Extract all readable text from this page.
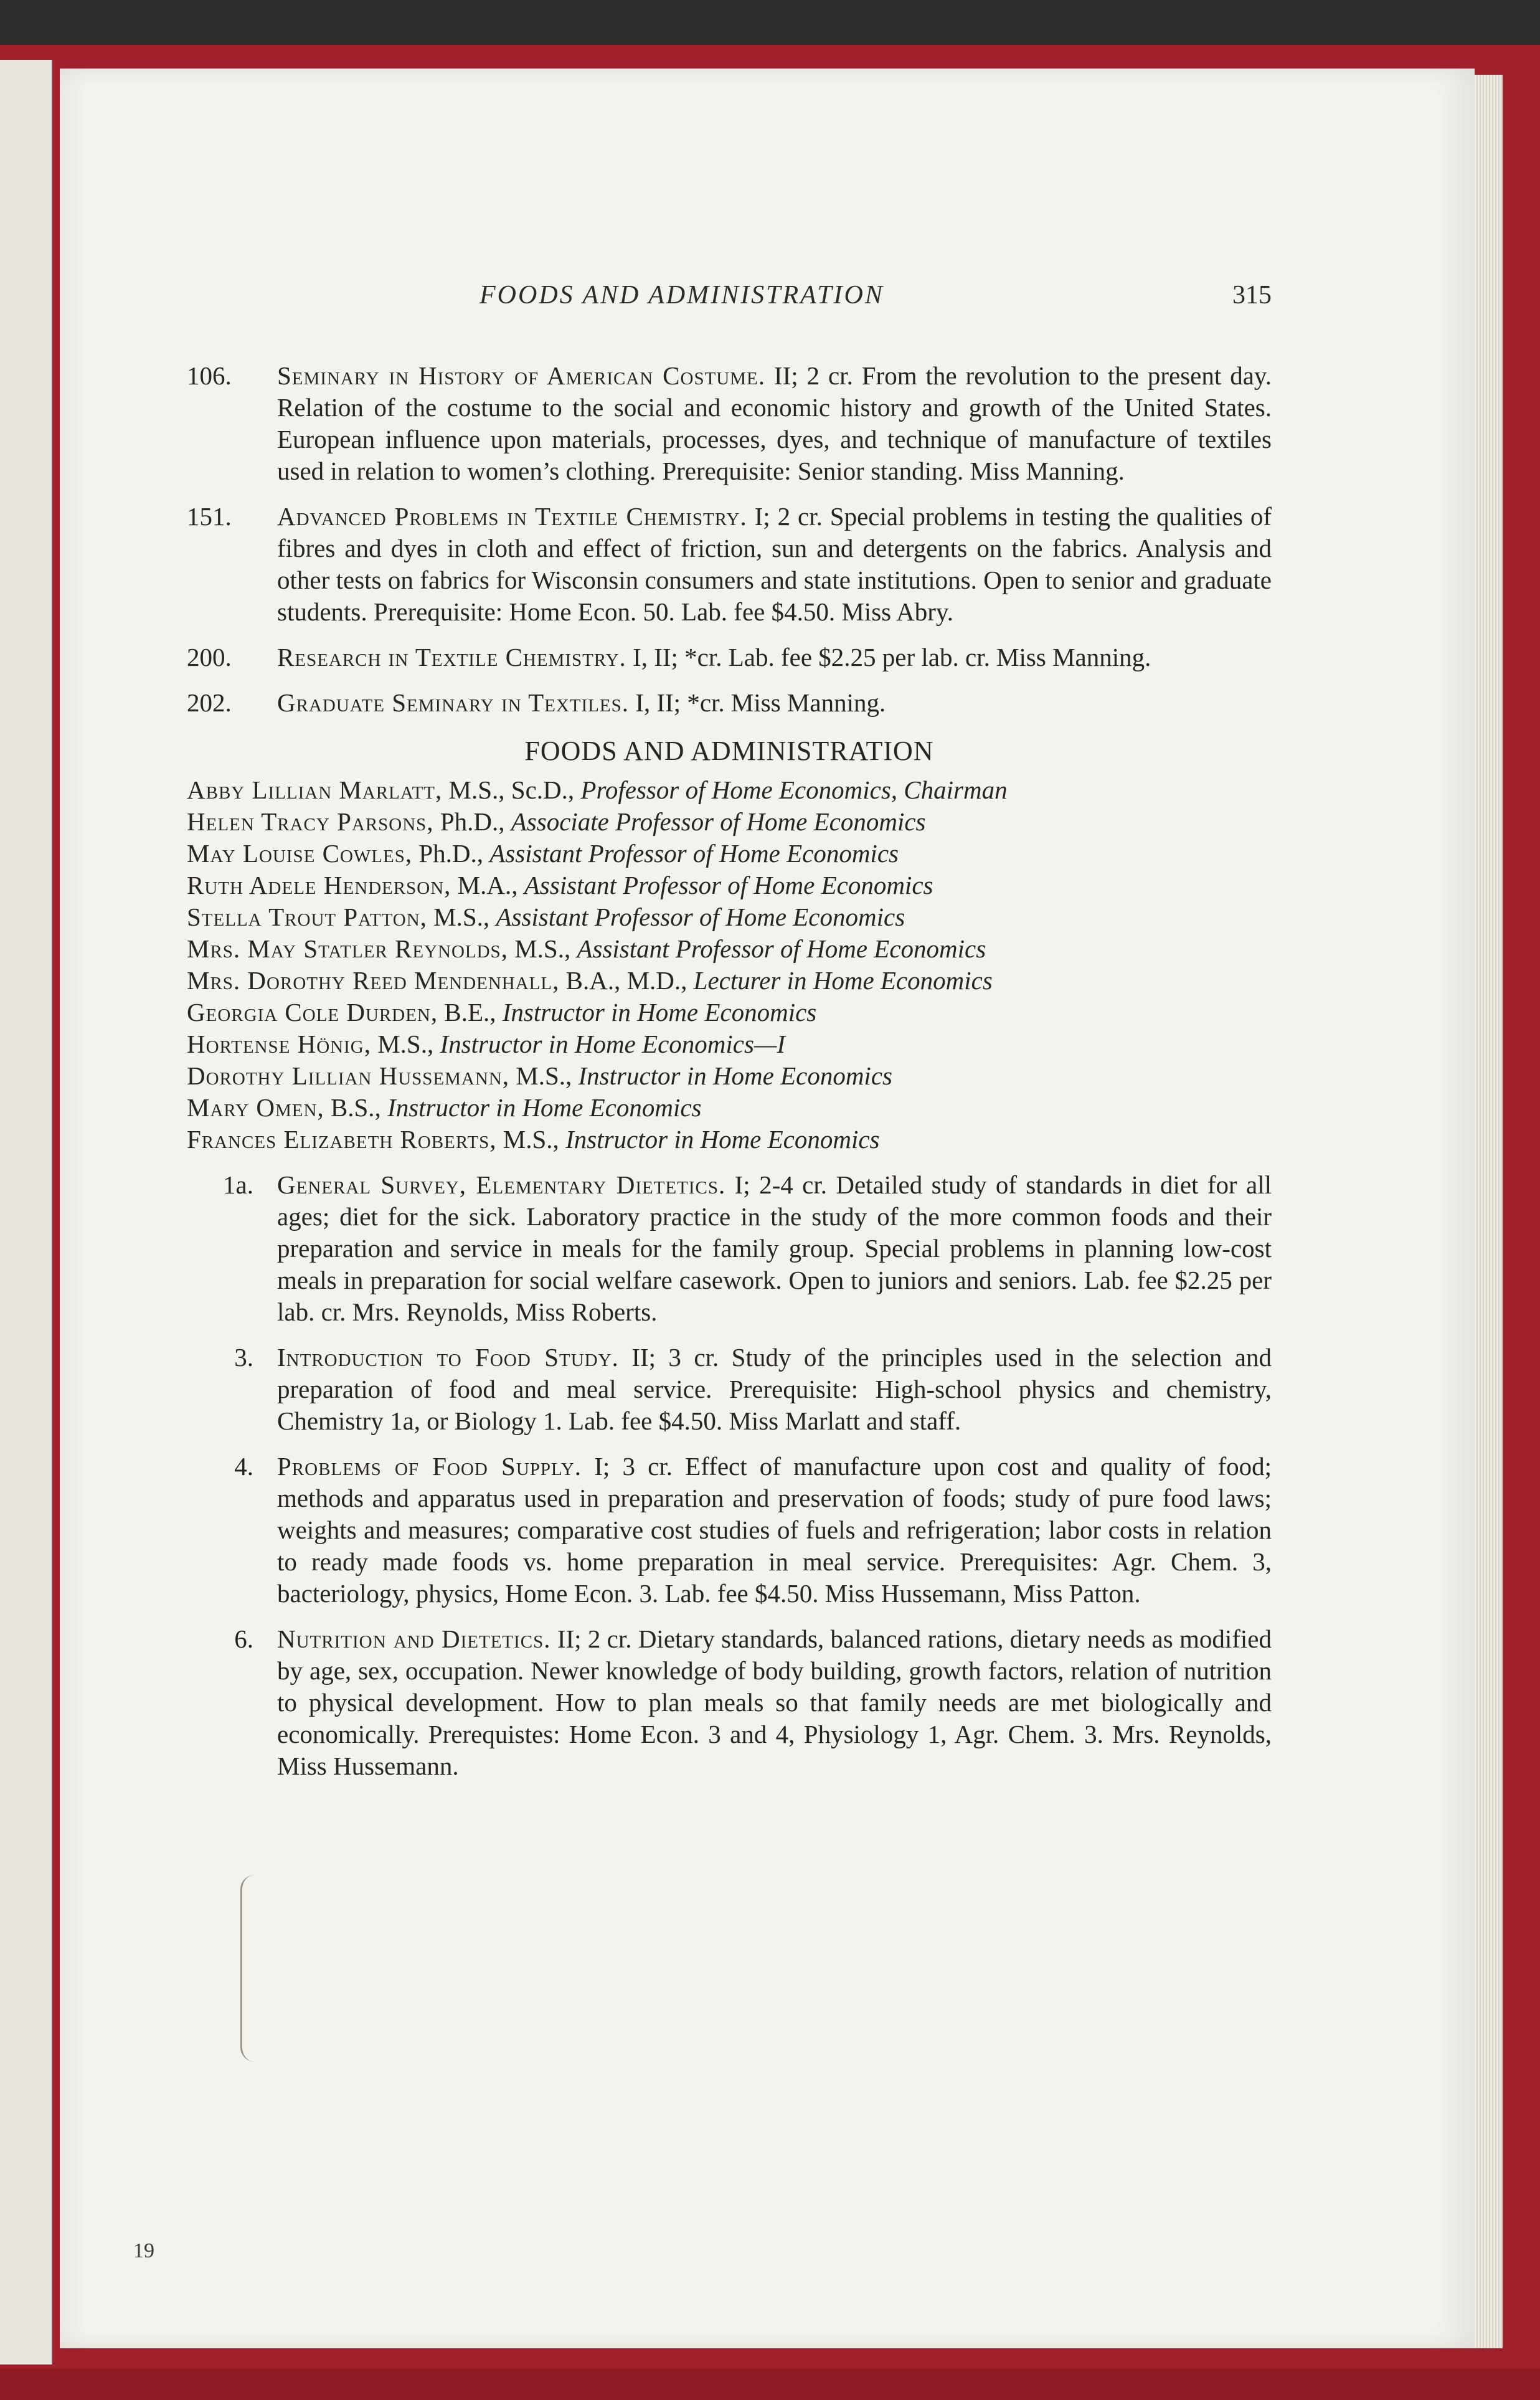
FOODS AND ADMINISTRATION	315
106.	Seminary in History of American Costume. II; 2 cr. From the revolution to the present day. Relation of the costume to the social and economic history and growth of the United States. European influence upon materials, processes, dyes, and technique of manufacture of textiles used in relation to women’s clothing. Prerequisite: Senior standing. Miss Manning.
151.	Advanced Problems in Textile Chemistry. I; 2 cr. Special problems in testing the qualities of fibres and dyes in cloth and effect of friction, sun and detergents on the fabrics. Analysis and other tests on fabrics for Wisconsin consumers and state institutions. Open to senior and graduate students. Prerequisite: Home Econ. 50. Lab. fee $4.50. Miss Abry.
200.	Research in Textile Chemistry. I, II; *cr. Lab. fee $2.25 per lab. cr. Miss Manning.
202.	Graduate Seminary in Textiles. I, II; *cr. Miss Manning.
FOODS AND ADMINISTRATION
Abby Lillian Marlatt, M.S., Sc.D., Professor of Home Economics, Chairman
Helen Tracy Parsons, Ph.D., Associate Professor of Home Economics
May Louise Cowles, Ph.D., Assistant Professor of Home Economics
Ruth Adele Henderson, M.A., Assistant Professor of Home Economics
Stella Trout Patton, M.S., Assistant Professor of Home Economics
Mrs. May Statler Reynolds, M.S., Assistant Professor of Home Economics
Mrs. Dorothy Reed Mendenhall, B.A., M.D., Lecturer in Home Economics
Georgia Cole Durden, B.E., Instructor in Home Economics
Hortense Hönig, M.S., Instructor in Home Economics—I
Dorothy Lillian Hussemann, M.S., Instructor in Home Economics
Mary Omen, B.S., Instructor in Home Economics
Frances Elizabeth Roberts, M.S., Instructor in Home Economics
1a. General Survey, Elementary Dietetics. I; 2-4 cr. Detailed study of standards in diet for all ages; diet for the sick. Laboratory practice in the study of the more common foods and their preparation and service in meals for the family group. Special problems in planning low-cost meals in preparation for social welfare casework. Open to juniors and seniors. Lab. fee $2.25 per lab. cr. Mrs. Reynolds, Miss Roberts.
3. Introduction to Food Study. II; 3 cr. Study of the principles used in the selection and preparation of food and meal service. Prerequisite: High-school physics and chemistry, Chemistry 1a, or Biology 1. Lab. fee $4.50. Miss Marlatt and staff.
4. Problems of Food Supply. I; 3 cr. Effect of manufacture upon cost and quality of food; methods and apparatus used in preparation and preservation of foods; study of pure food laws; weights and measures; comparative cost studies of fuels and refrigeration; labor costs in relation to ready made foods vs. home preparation in meal service. Prerequisites: Agr. Chem. 3, bacteriology, physics, Home Econ. 3. Lab. fee $4.50. Miss Hussemann, Miss Patton.
6. Nutrition and Dietetics. II; 2 cr. Dietary standards, balanced rations, dietary needs as modified by age, sex, occupation. Newer knowledge of body building, growth factors, relation of nutrition to physical development. How to plan meals so that family needs are met biologically and economically. Prerequistes: Home Econ. 3 and 4, Physiology 1, Agr. Chem. 3. Mrs. Reynolds, Miss Hussemann.
19
